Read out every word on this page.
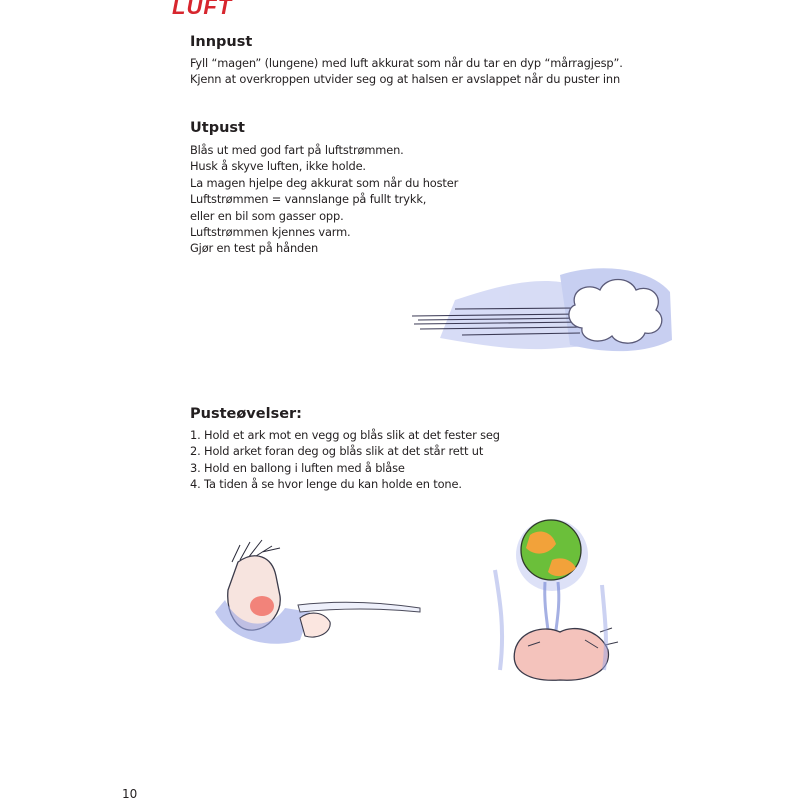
LUFT
Innpust
Fyll “magen” (lungene) med luft akkurat som når du tar en dyp “mårragjesp”.
Kjenn at overkroppen utvider seg og at halsen er avslappet når du puster inn
Utpust
Blås ut med god fart på luftstrømmen.
Husk å skyve luften, ikke holde.
La magen hjelpe deg akkurat som når du hoster
Luftstrømmen = vannslange på fullt trykk,
eller en bil som gasser opp.
Luftstrømmen kjennes varm.
Gjør en test på hånden
Pusteøvelser:
1. Hold et ark mot en vegg og blås slik at det fester seg
2. Hold arket foran deg og blås slik at det står rett ut
3. Hold en ballong i luften med å blåse
4. Ta tiden å se hvor lenge du kan holde en tone.
10
